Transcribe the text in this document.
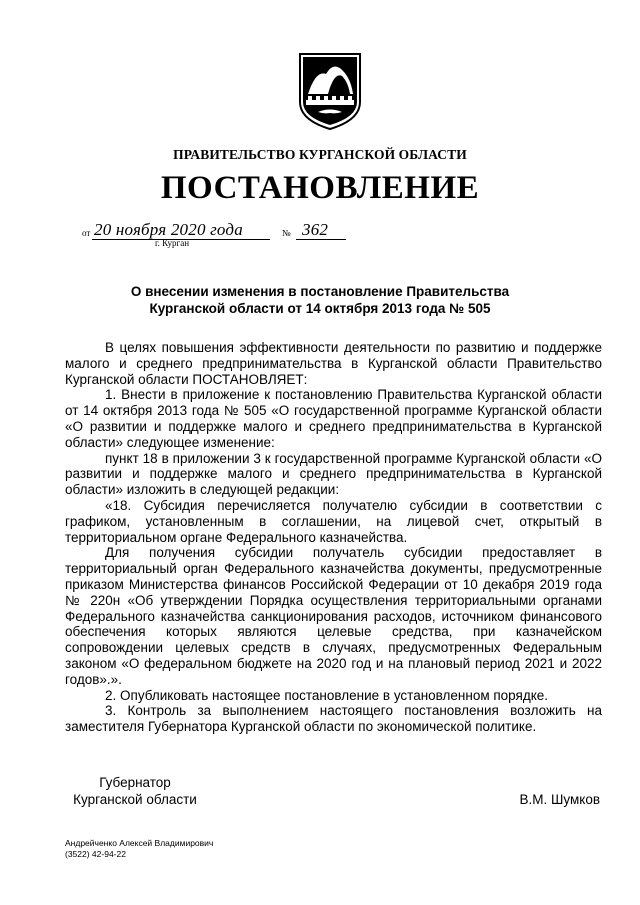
ПРАВИТЕЛЬСТВО КУРГАНСКОЙ ОБЛАСТИ
ПОСТАНОВЛЕНИЕ
от 20 ноября 2020 года	№ 362
г. Курган
О внесении изменения в постановление Правительства
Курганской области от 14 октября 2013 года № 505

В целях повышения эффективности деятельности по развитию и поддержке малого и среднего предпринимательства в Курганской области Правительство Курганской области ПОСТАНОВЛЯЕТ:

1. Внести в приложение к постановлению Правительства Курганской области от 14 октября 2013 года № 505 «О государственной программе Курганской области «О развитии и поддержке малого и среднего предпринимательства в Курганской области» следующее изменение:

пункт 18 в приложении 3 к государственной программе Курганской области «О развитии и поддержке малого и среднего предпринимательства в Курганской области» изложить в следующей редакции:

«18. Субсидия перечисляется получателю субсидии в соответствии с графиком, установленным в соглашении, на лицевой счет, открытый в территориальном органе Федерального казначейства.

Для получения субсидии получатель субсидии предоставляет в территориальный орган Федерального казначейства документы, предусмотренные приказом Министерства финансов Российской Федерации от 10 декабря 2019 года № 220н «Об утверждении Порядка осуществления территориальными органами Федерального казначейства санкционирования расходов, источником финансового обеспечения которых являются целевые средства, при казначейском сопровождении целевых средств в случаях, предусмотренных Федеральным законом «О федеральном бюджете на 2020 год и на плановый период 2021 и 2022 годов».».

2. Опубликовать настоящее постановление в установленном порядке.

3. Контроль за выполнением настоящего постановления возложить на заместителя Губернатора Курганской области по экономической политике.

Губернатор
Курганской области	В.М. Шумков
Андрейченко Алексей Владимирович
(3522) 42-94-22
